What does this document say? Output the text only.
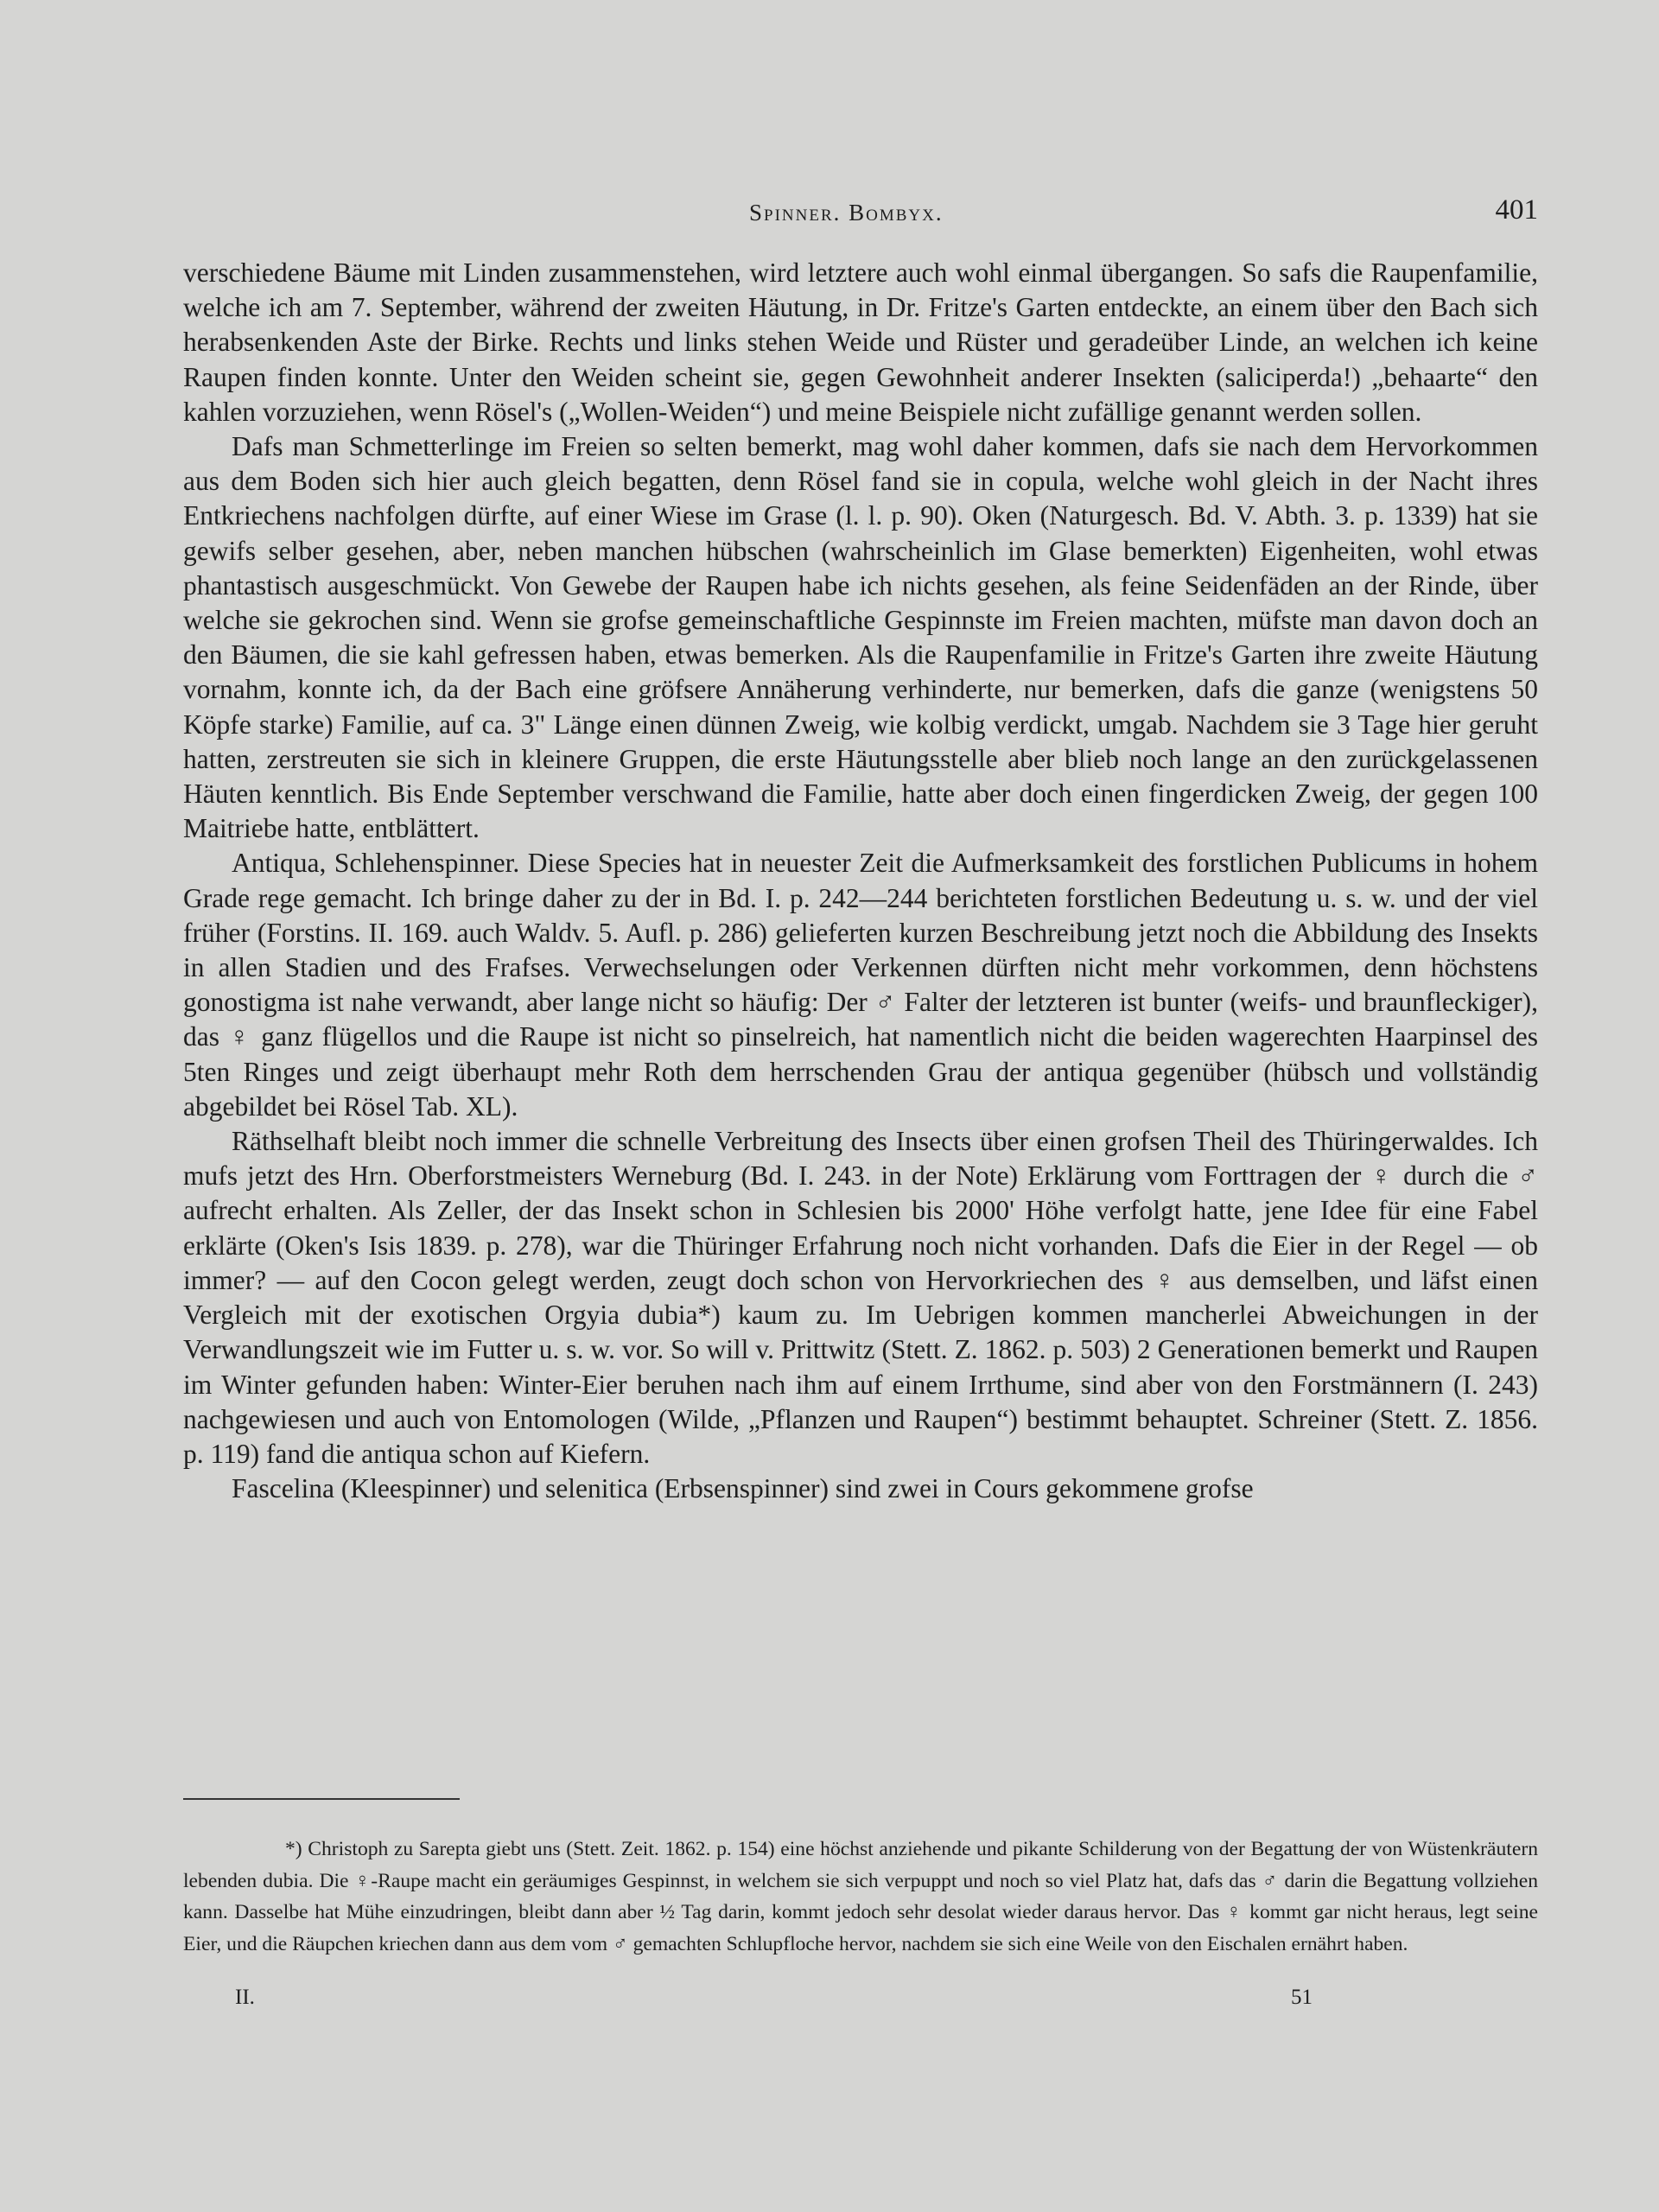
Spinner. Bombyx.	401

verschiedene Bäume mit Linden zusammenstehen, wird letztere auch wohl einmal übergangen. So safs die Raupenfamilie, welche ich am 7. September, während der zweiten Häutung, in Dr. Fritze's Garten entdeckte, an einem über den Bach sich herabsenkenden Aste der Birke. Rechts und links stehen Weide und Rüster und geradeüber Linde, an welchen ich keine Raupen finden konnte. Unter den Weiden scheint sie, gegen Gewohnheit anderer Insekten (saliciperda!) „behaarte“ den kahlen vorzuziehen, wenn Rösel's („Wollen-Weiden“) und meine Beispiele nicht zufällige genannt werden sollen.

Dafs man Schmetterlinge im Freien so selten bemerkt, mag wohl daher kommen, dafs sie nach dem Hervorkommen aus dem Boden sich hier auch gleich begatten, denn Rösel fand sie in copula, welche wohl gleich in der Nacht ihres Entkriechens nachfolgen dürfte, auf einer Wiese im Grase (l. l. p. 90). Oken (Naturgesch. Bd. V. Abth. 3. p. 1339) hat sie gewifs selber gesehen, aber, neben manchen hübschen (wahrscheinlich im Glase bemerkten) Eigenheiten, wohl etwas phantastisch ausgeschmückt. Von Gewebe der Raupen habe ich nichts gesehen, als feine Seidenfäden an der Rinde, über welche sie gekrochen sind. Wenn sie grofse gemeinschaftliche Gespinnste im Freien machten, müfste man davon doch an den Bäumen, die sie kahl gefressen haben, etwas bemerken. Als die Raupenfamilie in Fritze's Garten ihre zweite Häutung vornahm, konnte ich, da der Bach eine gröfsere Annäherung verhinderte, nur bemerken, dafs die ganze (wenigstens 50 Köpfe starke) Familie, auf ca. 3" Länge einen dünnen Zweig, wie kolbig verdickt, umgab. Nachdem sie 3 Tage hier geruht hatten, zerstreuten sie sich in kleinere Gruppen, die erste Häutungsstelle aber blieb noch lange an den zurückgelassenen Häuten kenntlich. Bis Ende September verschwand die Familie, hatte aber doch einen fingerdicken Zweig, der gegen 100 Maitriebe hatte, entblättert.

Antiqua, Schlehenspinner. Diese Species hat in neuester Zeit die Aufmerksamkeit des forstlichen Publicums in hohem Grade rege gemacht. Ich bringe daher zu der in Bd. I. p. 242—244 berichteten forstlichen Bedeutung u. s. w. und der viel früher (Forstins. II. 169. auch Waldv. 5. Aufl. p. 286) gelieferten kurzen Beschreibung jetzt noch die Abbildung des Insekts in allen Stadien und des Frafses. Verwechselungen oder Verkennen dürften nicht mehr vorkommen, denn höchstens gonostigma ist nahe verwandt, aber lange nicht so häufig: Der ♂ Falter der letzteren ist bunter (weifs- und braunfleckiger), das ♀ ganz flügellos und die Raupe ist nicht so pinselreich, hat namentlich nicht die beiden wagerechten Haarpinsel des 5ten Ringes und zeigt überhaupt mehr Roth dem herrschenden Grau der antiqua gegenüber (hübsch und vollständig abgebildet bei Rösel Tab. XL).

Räthselhaft bleibt noch immer die schnelle Verbreitung des Insects über einen grofsen Theil des Thüringerwaldes. Ich mufs jetzt des Hrn. Oberforstmeisters Werneburg (Bd. I. 243. in der Note) Erklärung vom Forttragen der ♀ durch die ♂ aufrecht erhalten. Als Zeller, der das Insekt schon in Schlesien bis 2000' Höhe verfolgt hatte, jene Idee für eine Fabel erklärte (Oken's Isis 1839. p. 278), war die Thüringer Erfahrung noch nicht vorhanden. Dafs die Eier in der Regel — ob immer? — auf den Cocon gelegt werden, zeugt doch schon von Hervorkriechen des ♀ aus demselben, und läfst einen Vergleich mit der exotischen Orgyia dubia*) kaum zu. Im Uebrigen kommen mancherlei Abweichungen in der Verwandlungszeit wie im Futter u. s. w. vor. So will v. Prittwitz (Stett. Z. 1862. p. 503) 2 Generationen bemerkt und Raupen im Winter gefunden haben: Winter-Eier beruhen nach ihm auf einem Irrthume, sind aber von den Forstmännern (I. 243) nachgewiesen und auch von Entomologen (Wilde, „Pflanzen und Raupen“) bestimmt behauptet. Schreiner (Stett. Z. 1856. p. 119) fand die antiqua schon auf Kiefern.

Fascelina (Kleespinner) und selenitica (Erbsenspinner) sind zwei in Cours gekommene grofse

*) Christoph zu Sarepta giebt uns (Stett. Zeit. 1862. p. 154) eine höchst anziehende und pikante Schilderung von der Begattung der von Wüstenkräutern lebenden dubia. Die ♀-Raupe macht ein geräumiges Gespinnst, in welchem sie sich verpuppt und noch so viel Platz hat, dafs das ♂ darin die Begattung vollziehen kann. Dasselbe hat Mühe einzudringen, bleibt dann aber ½ Tag darin, kommt jedoch sehr desolat wieder daraus hervor. Das ♀ kommt gar nicht heraus, legt seine Eier, und die Räupchen kriechen dann aus dem vom ♂ gemachten Schlupfloche hervor, nachdem sie sich eine Weile von den Eischalen ernährt haben.

II.	51
